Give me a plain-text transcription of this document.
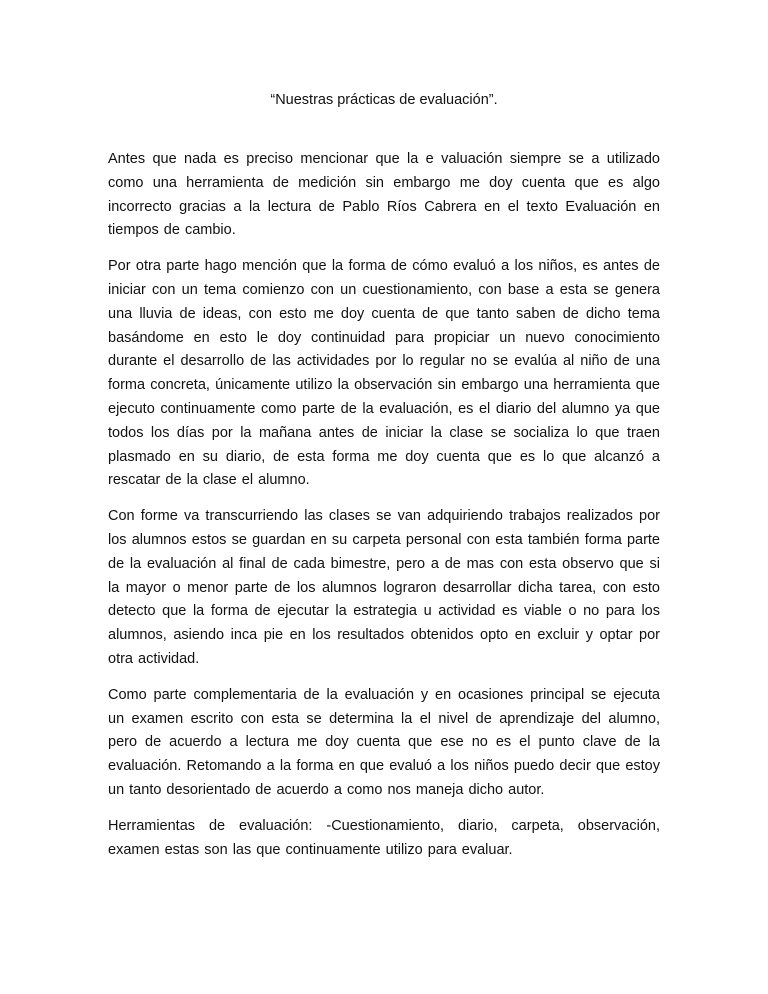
“Nuestras prácticas de evaluación”.

Antes que nada es preciso mencionar que la e valuación siempre se a utilizado como una herramienta de medición sin embargo me doy cuenta que es algo incorrecto gracias a la lectura de Pablo Ríos Cabrera en el texto Evaluación en tiempos de cambio.

Por otra parte hago mención que la forma de cómo evaluó a los niños, es antes de iniciar con un tema comienzo con un cuestionamiento, con base a esta se genera una lluvia de ideas, con esto me doy cuenta de que tanto saben de dicho tema basándome en esto le doy continuidad para propiciar un nuevo conocimiento durante el desarrollo de las actividades por lo regular no se evalúa al niño de una forma concreta, únicamente utilizo la observación sin embargo una herramienta que ejecuto continuamente como parte de la evaluación, es el diario del alumno ya que todos los días por la mañana antes de iniciar la clase se socializa lo que traen plasmado en su diario, de esta forma me doy cuenta que es lo que alcanzó a rescatar de la clase el alumno.

Con forme va transcurriendo las clases se van adquiriendo trabajos realizados por los alumnos estos se guardan en su carpeta personal con esta también forma parte de la evaluación al final de cada bimestre, pero a de mas con esta observo que si la mayor o menor parte de los alumnos lograron desarrollar dicha tarea, con esto detecto que la forma de ejecutar la estrategia u actividad es viable o no para los alumnos, asiendo inca pie en los resultados obtenidos opto en excluir y optar por otra actividad.

Como parte complementaria de la evaluación y en ocasiones principal se ejecuta un examen escrito con esta se determina la el nivel de aprendizaje del alumno, pero de acuerdo a lectura me doy cuenta que ese no es el punto clave de la evaluación. Retomando a la forma en que evaluó a los niños puedo decir que estoy un tanto desorientado de acuerdo a como nos maneja dicho autor.

Herramientas de evaluación: -Cuestionamiento, diario, carpeta, observación, examen estas son las que continuamente utilizo para evaluar.
